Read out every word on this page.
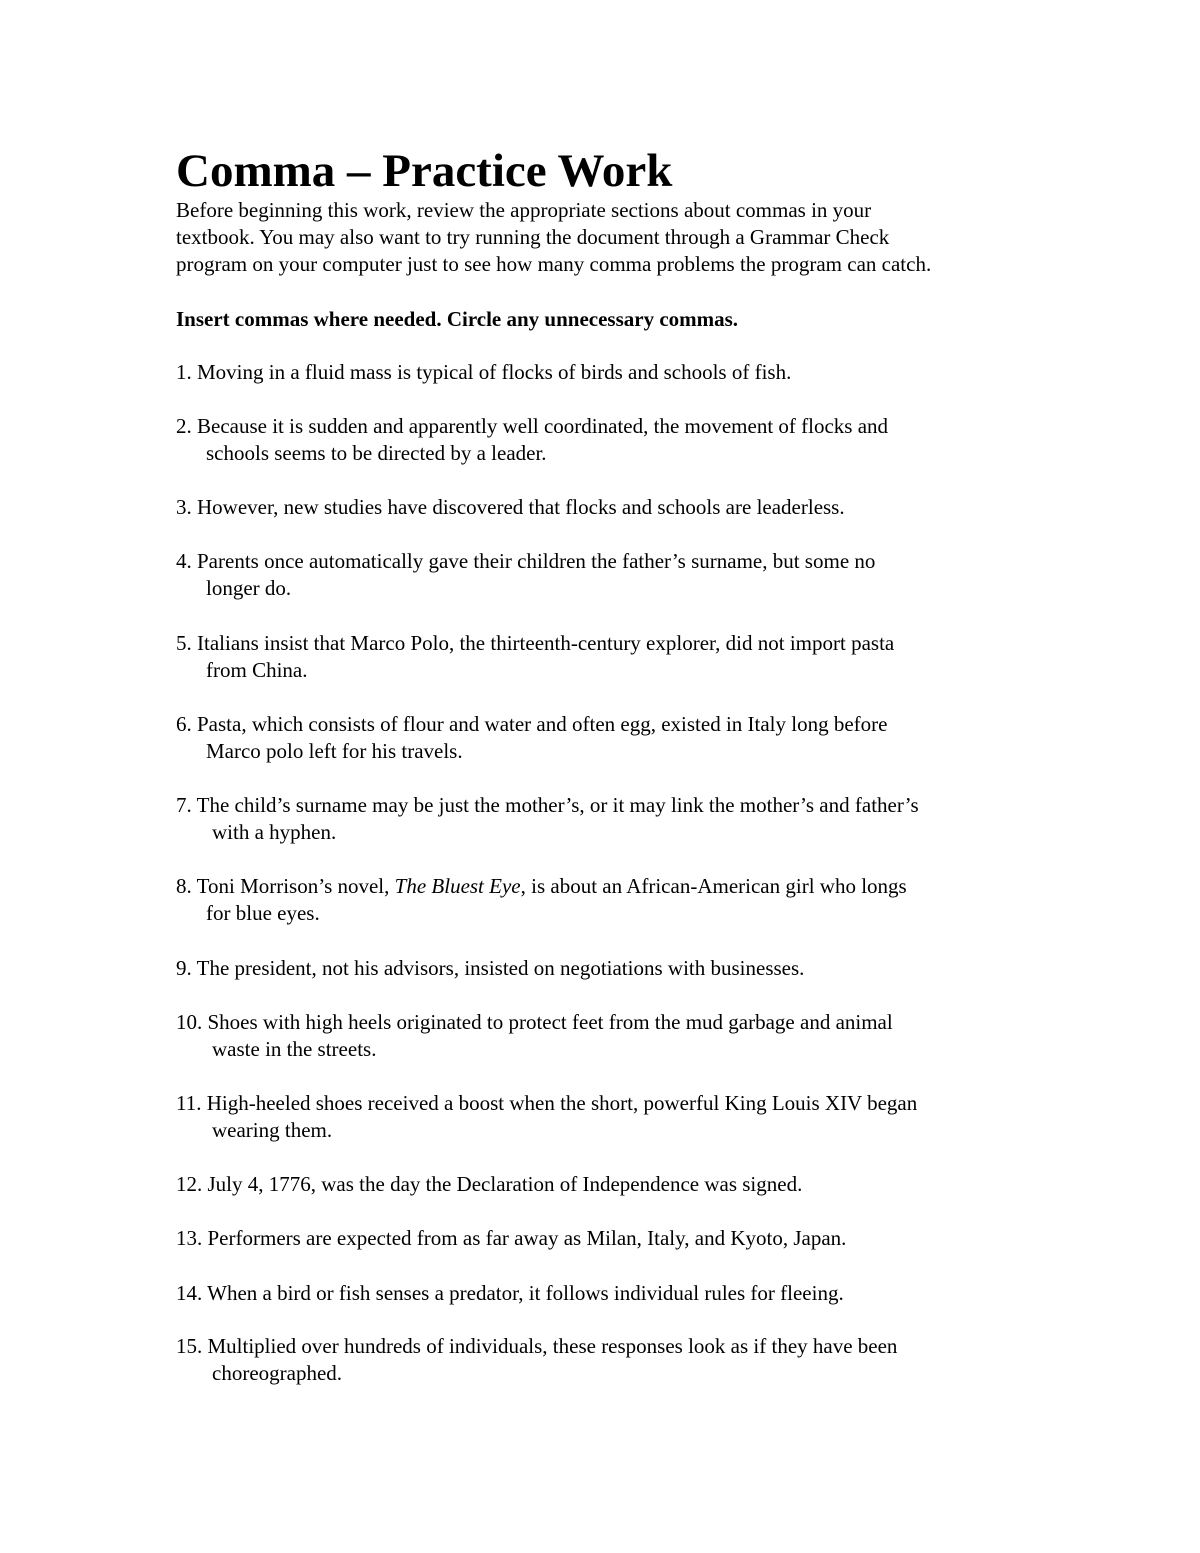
Comma – Practice Work
Before beginning this work, review the appropriate sections about commas in your
textbook. You may also want to try running the document through a Grammar Check
program on your computer just to see how many comma problems the program can catch.
Insert commas where needed. Circle any unnecessary commas.
1. Moving in a fluid mass is typical of flocks of birds and schools of fish.
2. Because it is sudden and apparently well coordinated, the movement of flocks and
schools seems to be directed by a leader.
3. However, new studies have discovered that flocks and schools are leaderless.
4. Parents once automatically gave their children the father’s surname, but some no
longer do.
5. Italians insist that Marco Polo, the thirteenth-century explorer, did not import pasta
from China.
6. Pasta, which consists of flour and water and often egg, existed in Italy long before
Marco polo left for his travels.
7. The child’s surname may be just the mother’s, or it may link the mother’s and father’s
with a hyphen.
8. Toni Morrison’s novel, The Bluest Eye, is about an African-American girl who longs
for blue eyes.
9. The president, not his advisors, insisted on negotiations with businesses.
10. Shoes with high heels originated to protect feet from the mud garbage and animal
waste in the streets.
11. High-heeled shoes received a boost when the short, powerful King Louis XIV began
wearing them.
12. July 4, 1776, was the day the Declaration of Independence was signed.
13. Performers are expected from as far away as Milan, Italy, and Kyoto, Japan.
14. When a bird or fish senses a predator, it follows individual rules for fleeing.
15. Multiplied over hundreds of individuals, these responses look as if they have been
choreographed.
